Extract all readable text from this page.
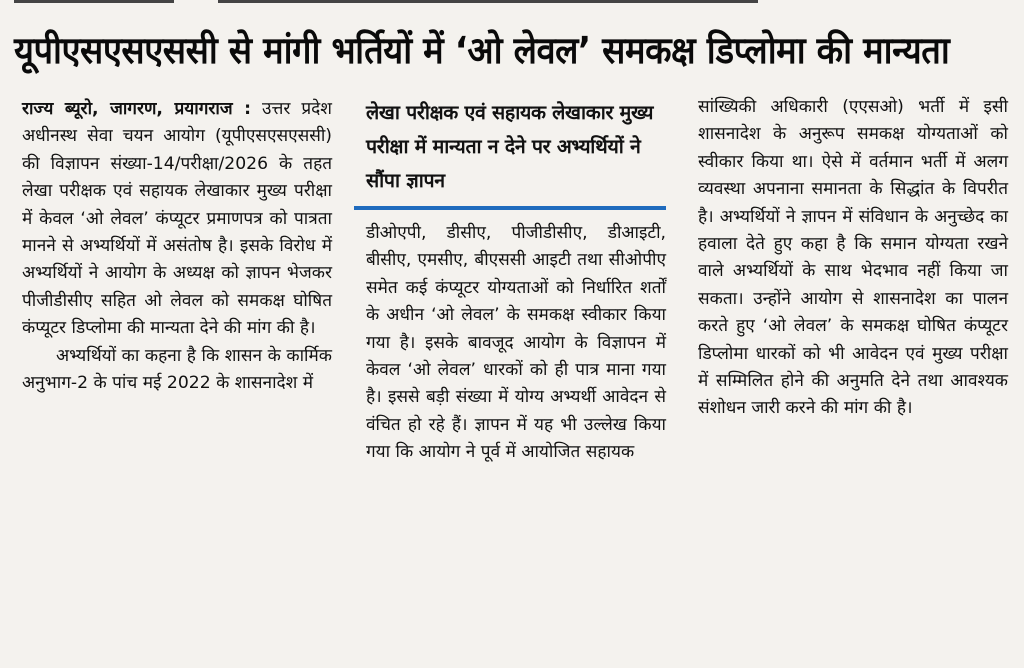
यूपीएसएसएससी से मांगी भर्तियों में ‘ओ लेवल’ समकक्ष डिप्लोमा की मान्यता

राज्य ब्यूरो, जागरण, प्रयागराज : उत्तर प्रदेश अधीनस्थ सेवा चयन आयोग (यूपीएसएसएससी) की विज्ञापन संख्या-14/परीक्षा/2026 के तहत लेखा परीक्षक एवं सहायक लेखाकार मुख्य परीक्षा में केवल ‘ओ लेवल’ कंप्यूटर प्रमाणपत्र को पात्रता मानने से अभ्यर्थियों में असंतोष है। इसके विरोध में अभ्यर्थियों ने आयोग के अध्यक्ष को ज्ञापन भेजकर पीजीडीसीए सहित ओ लेवल को समकक्ष घोषित कंप्यूटर डिप्लोमा की मान्यता देने की मांग की है।

अभ्यर्थियों का कहना है कि शासन के कार्मिक अनुभाग-2 के पांच मई 2022 के शासनादेश में

लेखा परीक्षक एवं सहायक लेखाकार मुख्य परीक्षा में मान्यता न देने पर अभ्यर्थियों ने सौंपा ज्ञापन

डीओएपी, डीसीए, पीजीडीसीए, डीआइटी, बीसीए, एमसीए, बीएससी आइटी तथा सीओपीए समेत कई कंप्यूटर योग्यताओं को निर्धारित शर्तों के अधीन ‘ओ लेवल’ के समकक्ष स्वीकार किया गया है। इसके बावजूद आयोग के विज्ञापन में केवल ‘ओ लेवल’ धारकों को ही पात्र माना गया है। इससे बड़ी संख्या में योग्य अभ्यर्थी आवेदन से वंचित हो रहे हैं। ज्ञापन में यह भी उल्लेख किया गया कि आयोग ने पूर्व में आयोजित सहायक

सांख्यिकी अधिकारी (एएसओ) भर्ती में इसी शासनादेश के अनुरूप समकक्ष योग्यताओं को स्वीकार किया था। ऐसे में वर्तमान भर्ती में अलग व्यवस्था अपनाना समानता के सिद्धांत के विपरीत है। अभ्यर्थियों ने ज्ञापन में संविधान के अनुच्छेद का हवाला देते हुए कहा है कि समान योग्यता रखने वाले अभ्यर्थियों के साथ भेदभाव नहीं किया जा सकता। उन्होंने आयोग से शासनादेश का पालन करते हुए ‘ओ लेवल’ के समकक्ष घोषित कंप्यूटर डिप्लोमा धारकों को भी आवेदन एवं मुख्य परीक्षा में सम्मिलित होने की अनुमति देने तथा आवश्यक संशोधन जारी करने की मांग की है।
